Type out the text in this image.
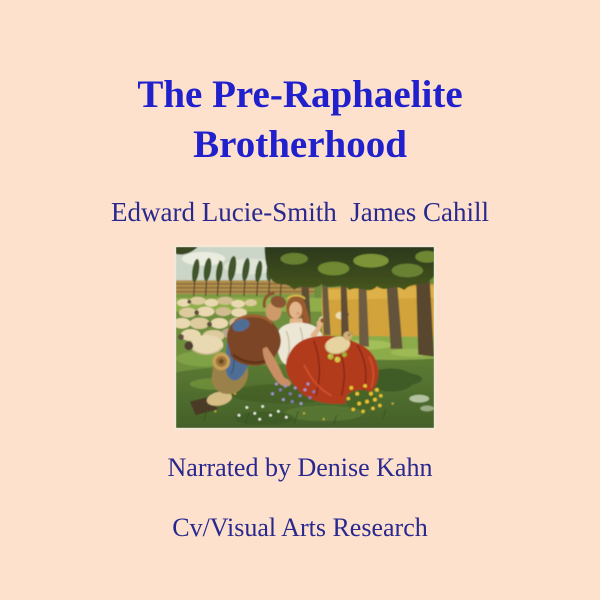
The Pre-Raphaelite
Brotherhood
Edward Lucie-Smith  James Cahill
Narrated by Denise Kahn
Cv/Visual Arts Research
